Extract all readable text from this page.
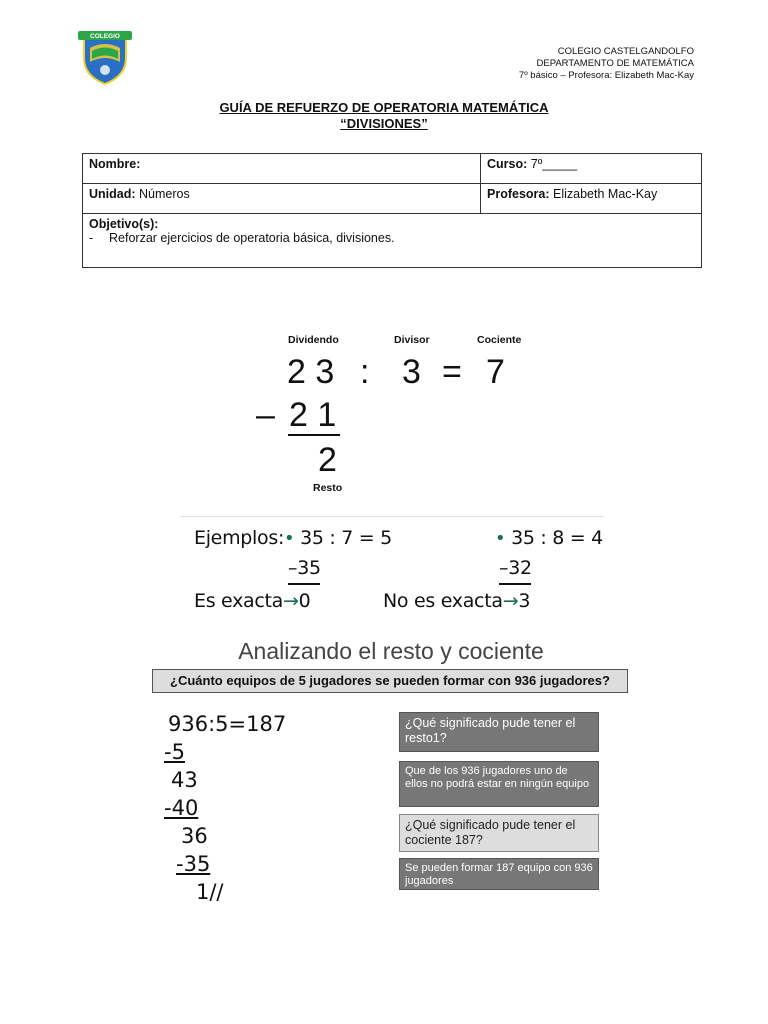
COLEGIO
COLEGIO CASTELGANDOLFO
DEPARTAMENTO DE MATEMÁTICA
7º básico – Profesora: Elizabeth Mac-Kay
GUÍA DE REFUERZO DE OPERATORIA MATEMÁTICA
“DIVISIONES”
Nombre:	Curso: 7º_____
Unidad: Números	Profesora: Elizabeth Mac-Kay
Objetivo(s):
- Reforzar ejercicios de operatoria básica, divisiones.	
Dividendo	Divisor	Cociente
2 3 : 3 = 7
– 2 1
2
Resto
Ejemplos: • 35 : 7 = 5
–35
Es exacta→0
• 35 : 8 = 4
–32
No es exacta→3
Analizando el resto y cociente
¿Cuánto equipos de 5 jugadores se pueden formar con 936 jugadores?
936:5=187
-5
43
-40
36
-35
1//
¿Qué significado pude tener el resto1?
Que de los 936 jugadores uno de ellos no podrá estar en ningún equipo
¿Qué significado pude tener el cociente 187?
Se pueden formar 187 equipo con 936 jugadores
